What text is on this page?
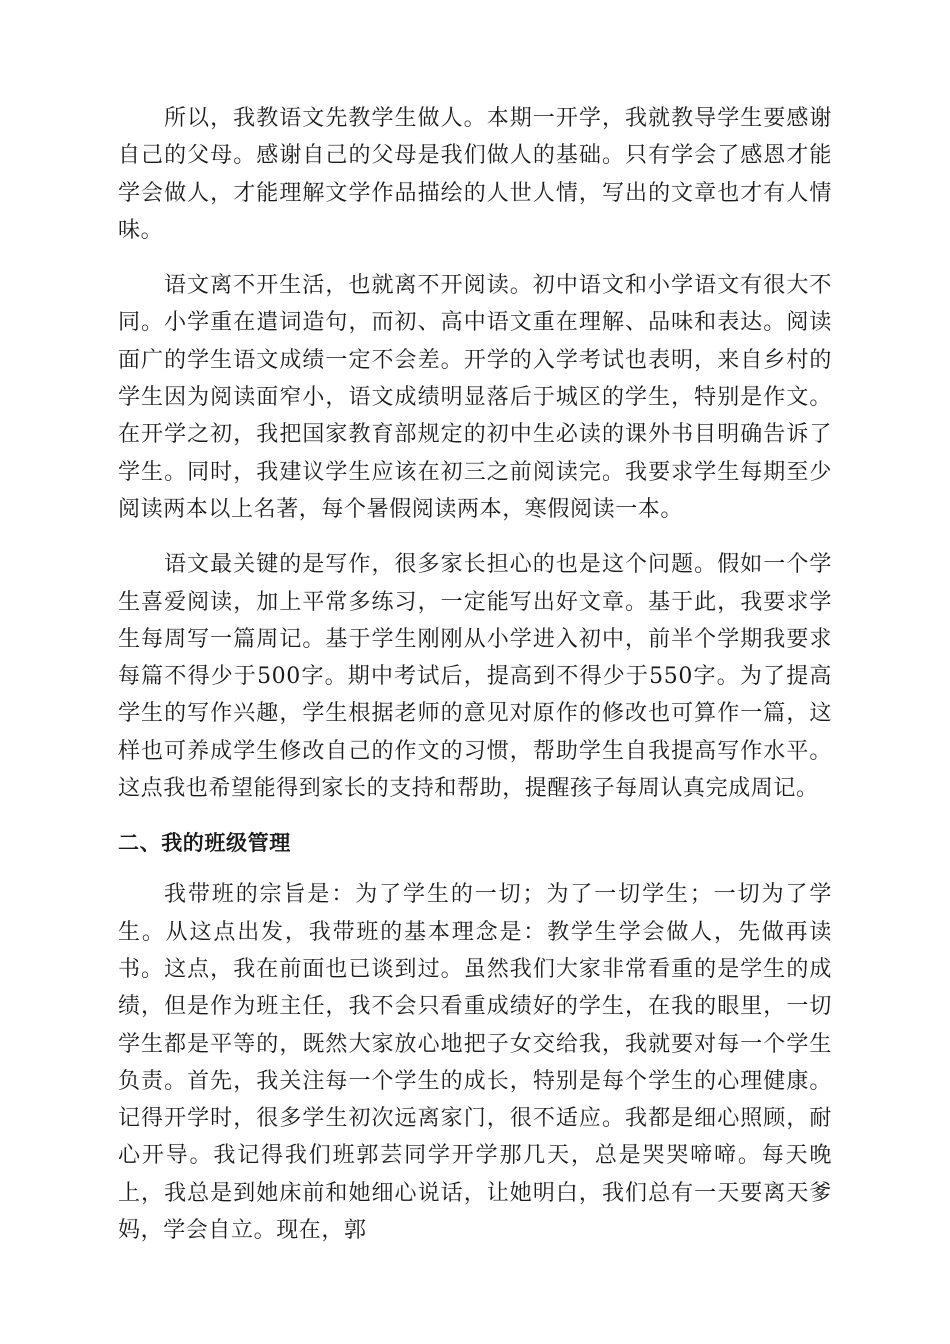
所以，我教语文先教学生做人。本期一开学，我就教导学生要感谢自己的父母。感谢自己的父母是我们做人的基础。只有学会了感恩才能学会做人，才能理解文学作品描绘的人世人情，写出的文章也才有人情味。

语文离不开生活，也就离不开阅读。初中语文和小学语文有很大不同。小学重在遣词造句，而初、高中语文重在理解、品味和表达。阅读面广的学生语文成绩一定不会差。开学的入学考试也表明，来自乡村的学生因为阅读面窄小，语文成绩明显落后于城区的学生，特别是作文。在开学之初，我把国家教育部规定的初中生必读的课外书目明确告诉了学生。同时，我建议学生应该在初三之前阅读完。我要求学生每期至少阅读两本以上名著，每个暑假阅读两本，寒假阅读一本。

语文最关键的是写作，很多家长担心的也是这个问题。假如一个学生喜爱阅读，加上平常多练习，一定能写出好文章。基于此，我要求学生每周写一篇周记。基于学生刚刚从小学进入初中，前半个学期我要求每篇不得少于500字。期中考试后，提高到不得少于550字。为了提高学生的写作兴趣，学生根据老师的意见对原作的修改也可算作一篇，这样也可养成学生修改自己的作文的习惯，帮助学生自我提高写作水平。这点我也希望能得到家长的支持和帮助，提醒孩子每周认真完成周记。

二、我的班级管理

我带班的宗旨是：为了学生的一切；为了一切学生；一切为了学生。从这点出发，我带班的基本理念是：教学生学会做人，先做再读书。这点，我在前面也已谈到过。虽然我们大家非常看重的是学生的成绩，但是作为班主任，我不会只看重成绩好的学生，在我的眼里，一切学生都是平等的，既然大家放心地把子女交给我，我就要对每一个学生负责。首先，我关注每一个学生的成长，特别是每个学生的心理健康。记得开学时，很多学生初次远离家门，很不适应。我都是细心照顾，耐心开导。我记得我们班郭芸同学开学那几天，总是哭哭啼啼。每天晚上，我总是到她床前和她细心说话，让她明白，我们总有一天要离天爹妈，学会自立。现在，郭
